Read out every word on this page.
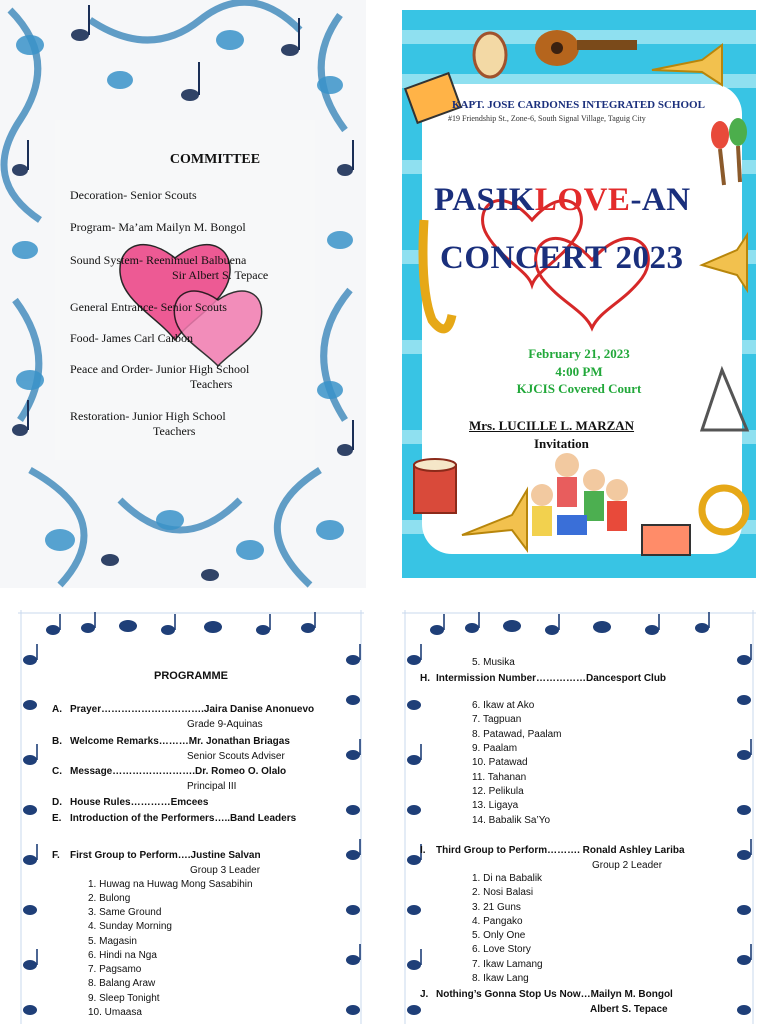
COMMITTEE
Decoration- Senior Scouts
Program- Ma’am Mailyn M. Bongol
Sound System- Reenimuel Balbuena
Sir Albert S. Tepace
General Entrance- Senior Scouts
Food- James Carl Carbon
Peace and Order- Junior High School
Teachers
Restoration- Junior High School
Teachers
KAPT. JOSE CARDONES INTEGRATED SCHOOL
#19 Friendship St., Zone-6, South Signal Village, Taguig City
PASIKLOVE-AN
CONCERT 2023
February 21, 2023
4:00 PM
KJCIS Covered Court
Mrs. LUCILLE L. MARZAN
Invitation
PROGRAMME
A. Prayer………………………….Jaira Danise Anonuevo
Grade 9-Aquinas
B. Welcome Remarks………Mr. Jonathan Briagas
Senior Scouts Adviser
C. Message…………………….Dr. Romeo O. Olalo
Principal III
D. House Rules…………Emcees
E. Introduction of the Performers…..Band Leaders
F. First Group to Perform….Justine Salvan
Group 3 Leader
1. Huwag na Huwag Mong Sasabihin
2. Bulong
3. Same Ground
4. Sunday Morning
5. Magasin
6. Hindi na Nga
7. Pagsamo
8. Balang Araw
9. Sleep Tonight
10. Umaasa
5. Musika
H. Intermission Number……………Dancesport Club
6. Ikaw at Ako
7. Tagpuan
8. Patawad, Paalam
9. Paalam
10. Patawad
11. Tahanan
12. Pelikula
13. Ligaya
14. Babalik Sa’Yo
I. Third Group to Perform………. Ronald Ashley Lariba
Group 2 Leader
1. Di na Babalik
2. Nosi Balasi
3. 21 Guns
4. Pangako
5. Only One
6. Love Story
7. Ikaw Lamang
8. Ikaw Lang
J. Nothing’s Gonna Stop Us Now…Mailyn M. Bongol
Albert S. Tepace
